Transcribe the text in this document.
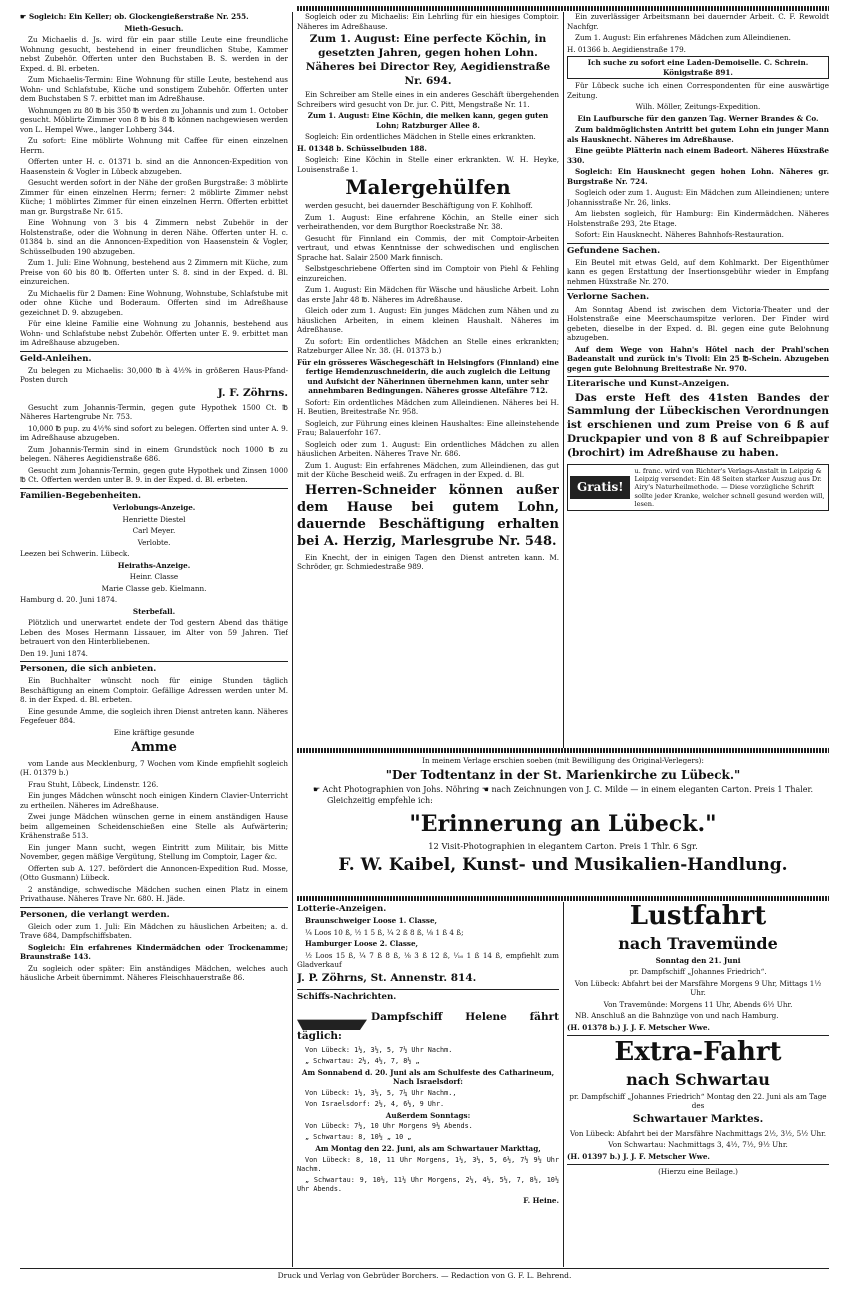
☛ Sogleich: Ein Keller; ob. Glockengießerstraße Nr. 255.

Mieth-Gesuch.

Zu Michaelis d. Js. wird für ein paar stille Leute eine freundliche Wohnung gesucht, bestehend in einer freundlichen Stube, Kammer nebst Zubehör. Offerten unter den Buchstaben B. S. werden in der Exped. d. Bl. erbeten.

Zum Michaelis-Termin: Eine Wohnung für stille Leute, bestehend aus Wohn- und Schlafstube, Küche und sonstigem Zubehör. Offerten unter dem Buchstaben S 7. erbittet man im Adreßhause.

Wohnungen zu 80 ℔ bis 350 ℔ werden zu Johannis und zum 1. October gesucht. Möblirte Zimmer von 8 ℔ bis 8 ℔ können nachgewiesen werden von L. Hempel Wwe., langer Lohberg 344.

Zu sofort: Eine möblirte Wohnung mit Caffee für einen einzelnen Herrn.

Offerten unter H. c. 01371 b. sind an die Annoncen-Expedition von Haasenstein & Vogler in Lübeck abzugeben.

Gesucht werden sofort in der Nähe der großen Burgstraße: 3 möblirte Zimmer für einen einzelnen Herrn; ferner: 2 möblirte Zimmer nebst Küche; 1 möblirtes Zimmer für einen einzelnen Herrn. Offerten erbittet man gr. Burgstraße Nr. 615.

Eine Wohnung von 3 bis 4 Zimmern nebst Zubehör in der Holstenstraße, oder die Wohnung in deren Nähe. Offerten unter H. c. 01384 b. sind an die Annoncen-Expedition von Haasenstein & Vogler, Schüsselbuden 190 abzugeben.

Zum 1. Juli: Eine Wohnung, bestehend aus 2 Zimmern mit Küche, zum Preise von 60 bis 80 ℔. Offerten unter S. 8. sind in der Exped. d. Bl. einzureichen.

Zu Michaelis für 2 Damen: Eine Wohnung, Wohnstube, Schlafstube mit oder ohne Küche und Boderaum. Offerten sind im Adreßhause gezeichnet D. 9. abzugeben.

Für eine kleine Familie eine Wohnung zu Johannis, bestehend aus Wohn- und Schlafstube nebst Zubehör. Offerten unter E. 9. erbittet man im Adreßhause abzugeben.

Geld-Anleihen.

Zu belegen zu Michaelis: 30,000 ℔ à 4½% in größeren Haus-Pfand-Posten durch

J. F. Zöhrns.

Gesucht zum Johannis-Termin, gegen gute Hypothek 1500 Ct. ℔ Näheres Hartengrube Nr. 753.

10,000 ℔ pup. zu 4½% sind sofort zu belegen. Offerten sind unter A. 9. im Adreßhause abzugeben.

Zum Johannis-Termin sind in einem Grundstück noch 1000 ℔ zu belegen. Näheres Aegidienstraße 686.

Gesucht zum Johannis-Termin, gegen gute Hypothek und Zinsen 1000 ℔ Ct. Offerten werden unter B. 9. in der Exped. d. Bl. erbeten.

Familien-Begebenheiten.

Verlobungs-Anzeige.

Henriette Diestel

Carl Meyer.

Verlobte.

Leezen bei Schwerin. Lübeck.

Heiraths-Anzeige.

Heinr. Classe

Marie Classe geb. Kielmann.

Hamburg d. 20. Juni 1874.

Sterbefall.

Plötzlich und unerwartet endete der Tod gestern Abend das thätige Leben des Moses Hermann Lissauer, im Alter von 59 Jahren. Tief betrauert von den Hinterbliebenen.

Den 19. Juni 1874.

Personen, die sich anbieten.

Ein Buchhalter wünscht noch für einige Stunden täglich Beschäftigung an einem Comptoir. Gefällige Adressen werden unter M. 8. in der Exped. d. Bl. erbeten.

Eine gesunde Amme, die sogleich ihren Dienst antreten kann. Näheres Fegefeuer 884.

Eine kräftige gesunde

Amme

vom Lande aus Mecklenburg, 7 Wochen vom Kinde empfiehlt sogleich (H. 01379 b.)

Frau Stuht, Lübeck, Lindenstr. 126.

Ein junges Mädchen wünscht noch einigen Kindern Clavier-Unterricht zu ertheilen. Näheres im Adreßhause.

Zwei junge Mädchen wünschen gerne in einem anständigen Hause beim allgemeinen Scheidenschießen eine Stelle als Aufwärterin; Krähenstraße 513.

Ein junger Mann sucht, wegen Eintritt zum Militair, bis Mitte November, gegen mäßige Vergütung, Stellung im Comptoir, Lager &c.

Offerten sub A. 127. befördert die Annoncen-Expedition Rud. Mosse, (Otto Gusmann) Lübeck.

2 anständige, schwedische Mädchen suchen einen Platz in einem Privathause. Näheres Trave Nr. 680. H. Jäde.

Personen, die verlangt werden.

Gleich oder zum 1. Juli: Ein Mädchen zu häuslichen Arbeiten; a. d. Trave 684, Dampfschiffsbaten.

Sogleich: Ein erfahrenes Kindermädchen oder Trockenamme; Braunstraße 143.

Zu sogleich oder später: Ein anständiges Mädchen, welches auch häusliche Arbeit übernimmt. Näheres Fleischhauerstraße 86.

Sogleich oder zu Michaelis: Ein Lehrling für ein hiesiges Comptoir. Näheres im Adreßhause.

Zum 1. August: Eine perfecte Köchin, in gesetzten Jahren, gegen hohen Lohn. Näheres bei Director Rey, Aegidienstraße Nr. 694.

Ein Schreiber am Stelle eines in ein anderes Geschäft übergehenden Schreibers wird gesucht von Dr. jur. C. Pitt, Mengstraße Nr. 11.

Zum 1. August: Eine Köchin, die melken kann, gegen guten Lohn; Ratzburger Allee 8.

Sogleich: Ein ordentliches Mädchen in Stelle eines erkrankten.

H. 01348 b. Schüsselbuden 188.

Sogleich: Eine Köchin in Stelle einer erkrankten. W. H. Heyke, Louisenstraße 1.

Malergehülfen

werden gesucht, bei dauernder Beschäftigung von F. Kohlhoff.

Zum 1. August: Eine erfahrene Köchin, an Stelle einer sich verheirathenden, vor dem Burgthor Roeckstraße Nr. 38.

Gesucht für Finnland ein Commis, der mit Comptoir-Arbeiten vertraut, und etwas Kenntnisse der schwedischen und englischen Sprache hat. Salair 2500 Mark finnisch.

Selbstgeschriebene Offerten sind im Comptoir von Piehl & Fehling einzureichen.

Zum 1. August: Ein Mädchen für Wäsche und häusliche Arbeit. Lohn das erste Jahr 48 ℔. Näheres im Adreßhause.

Gleich oder zum 1. August: Ein junges Mädchen zum Nähen und zu häuslichen Arbeiten, in einem kleinen Haushalt. Näheres im Adreßhause.

Zu sofort: Ein ordentliches Mädchen an Stelle eines erkrankten; Ratzeburger Allee Nr. 38. (H. 01373 b.)

Für ein grösseres Wäschegeschäft in Helsingfors (Finnland) eine fertige Hemdenzuschneiderin, die auch zugleich die Leitung und Aufsicht der Näherinnen übernehmen kann, unter sehr annehmbaren Bedingungen. Näheres grosse Altefähre 712.

Sofort: Ein ordentliches Mädchen zum Alleindienen. Näheres bei H. H. Beutien, Breitestraße Nr. 958.

Sogleich, zur Führung eines kleinen Haushaltes: Eine alleinstehende Frau; Balauerfohr 167.

Sogleich oder zum 1. August: Ein ordentliches Mädchen zu allen häuslichen Arbeiten. Näheres Trave Nr. 686.

Zum 1. August: Ein erfahrenes Mädchen, zum Alleindienen, das gut mit der Küche Bescheid weiß. Zu erfragen in der Exped. d. Bl.

Herren-Schneider können außer dem Hause bei gutem Lohn, dauernde Beschäftigung erhalten bei A. Herzig, Marlesgrube Nr. 548.

Ein Knecht, der in einigen Tagen den Dienst antreten kann. M. Schröder, gr. Schmiedestraße 989.

Ein zuverlässiger Arbeitsmann bei dauernder Arbeit. C. F. Rewoldt Nachfgr.

Zum 1. August: Ein erfahrenes Mädchen zum Alleindienen.

H. 01366 b. Aegidienstraße 179.

Ich suche zu sofort eine Laden-Demoiselle. C. Schrein. Königstraße 891.

Für Lübeck suche ich einen Correspondenten für eine auswärtige Zeitung.

Wilh. Möller, Zeitungs-Expedition.

Ein Laufbursche für den ganzen Tag. Werner Brandes & Co.

Zum baldmöglichsten Antritt bei gutem Lohn ein junger Mann als Hausknecht. Näheres im Adreßhause.

Eine geübte Plätterin nach einem Badeort. Näheres Hüxstraße 330.

Sogleich: Ein Hausknecht gegen hohen Lohn. Näheres gr. Burgstraße Nr. 724.

Sogleich oder zum 1. August: Ein Mädchen zum Alleindienen; untere Johannisstraße Nr. 26, links.

Am liebsten sogleich, für Hamburg: Ein Kindermädchen. Näheres Holstenstraße 293, 2te Etage.

Sofort: Ein Hausknecht. Näheres Bahnhofs-Restauration.

Gefundene Sachen.

Ein Beutel mit etwas Geld, auf dem Kohlmarkt. Der Eigenthümer kann es gegen Erstattung der Insertionsgebühr wieder in Empfang nehmen Hüxstraße Nr. 270.

Verlorne Sachen.

Am Sonntag Abend ist zwischen dem Victoria-Theater und der Holstenstraße eine Meerschaumspitze verloren. Der Finder wird gebeten, dieselbe in der Exped. d. Bl. gegen eine gute Belohnung abzugeben.

Auf dem Wege von Hahn's Hôtel nach der Prahl'schen Badeanstalt und zurück in's Tivoli: Ein 25 ℔-Schein. Abzugeben gegen gute Belohnung Breitestraße Nr. 970.

Literarische und Kunst-Anzeigen.

Das erste Heft des 41sten Bandes der Sammlung der Lübeckischen Verordnungen ist erschienen und zum Preise von 6 ß auf Druckpapier und von 8 ß auf Schreibpapier (brochirt) im Adreßhause zu haben.

Gratis!
u. franc. wird von Richter's Verlags-Anstalt in Leipzig & Leipzig versendet: Ein 48 Seiten starker Auszug aus Dr. Airy's Naturheilmethode. — Diese vorzügliche Schrift sollte jeder Kranke, welcher schnell gesund werden will, lesen.
In meinem Verlage erschien soeben (mit Bewilligung des Original-Verlegers):
"Der Todtentanz in der St. Marienkirche zu Lübeck."
☛ Acht Photographien von Johs. Nöhring ☚ nach Zeichnungen von J. C. Milde — in einem eleganten Carton. Preis 1 Thaler.
Gleichzeitig empfehle ich:
"Erinnerung an Lübeck."
12 Visit-Photographien in elegantem Carton. Preis 1 Thlr. 6 Sgr.
F. W. Kaibel, Kunst- und Musikalien-Handlung.

Lotterie-Anzeigen.

Braunschweiger Loose 1. Classe,

¼ Loos 10 ß, ½ 1 5 ß, ¼ 2 ß 8 ß, ⅛ 1 ß 4 ß;

Hamburger Loose 2. Classe,

½ Loos 15 ß, ¼ 7 ß 8 ß, ⅛ 3 ß 12 ß, ¹⁄₁₆ 1 ß 14 ß, empfiehlt zum Gladverkauf

J. P. Zöhrns, St. Annenstr. 814.

Schiffs-Nachrichten.

Dampfschiff Helene fährt täglich:

Von Lübeck: 1½, 3½, 5, 7½ Uhr Nachm.

„ Schwartau: 2½, 4½, 7, 8½ „

Am Sonnabend d. 20. Juni als am Schulfeste des Catharineum, Nach Israelsdorf:

Von Lübeck: 1½, 3½, 5, 7¼ Uhr Nachm.,

Von Israelsdorf: 2½, 4, 6½, 9 Uhr.

Außerdem Sonntags:

Von Lübeck: 7½, 10 Uhr Morgens 9½ Abends.

„ Schwartau: 8, 10½ „ 10 „

Am Montag den 22. Juni, als am Schwartauer Markttag,

Von Lübeck: 8, 10, 11 Uhr Morgens, 1½, 3½, 5, 6½, 7½ 9½ Uhr Nachm.

„ Schwartau: 9, 10½, 11½ Uhr Morgens, 2½, 4½, 5½, 7, 8½, 10½ Uhr Abends.

F. Heine.

Lustfahrt

nach Travemünde

Sonntag den 21. Juni

pr. Dampfschiff „Johannes Friedrich“.

Von Lübeck: Abfahrt bei der Marsfähre Morgens 9 Uhr, Mittags 1½ Uhr.

Von Travemünde: Morgens 11 Uhr, Abends 6½ Uhr.

NB. Anschluß an die Bahnzüge von und nach Hamburg.

(H. 01378 b.) J. J. F. Metscher Wwe.

Extra-Fahrt

nach Schwartau

pr. Dampfschiff „Johannes Friedrich“ Montag den 22. Juni als am Tage des

Schwartauer Marktes.

Von Lübeck: Abfahrt bei der Marsfähre Nachmittags 2½, 3½, 5½ Uhr.

Von Schwartau: Nachmittags 3, 4½, 7½, 9½ Uhr.

(H. 01397 b.) J. J. F. Metscher Wwe.

(Hierzu eine Beilage.)

Druck und Verlag von Gebrüder Borchers. — Redaction von G. F. L. Behrend.
